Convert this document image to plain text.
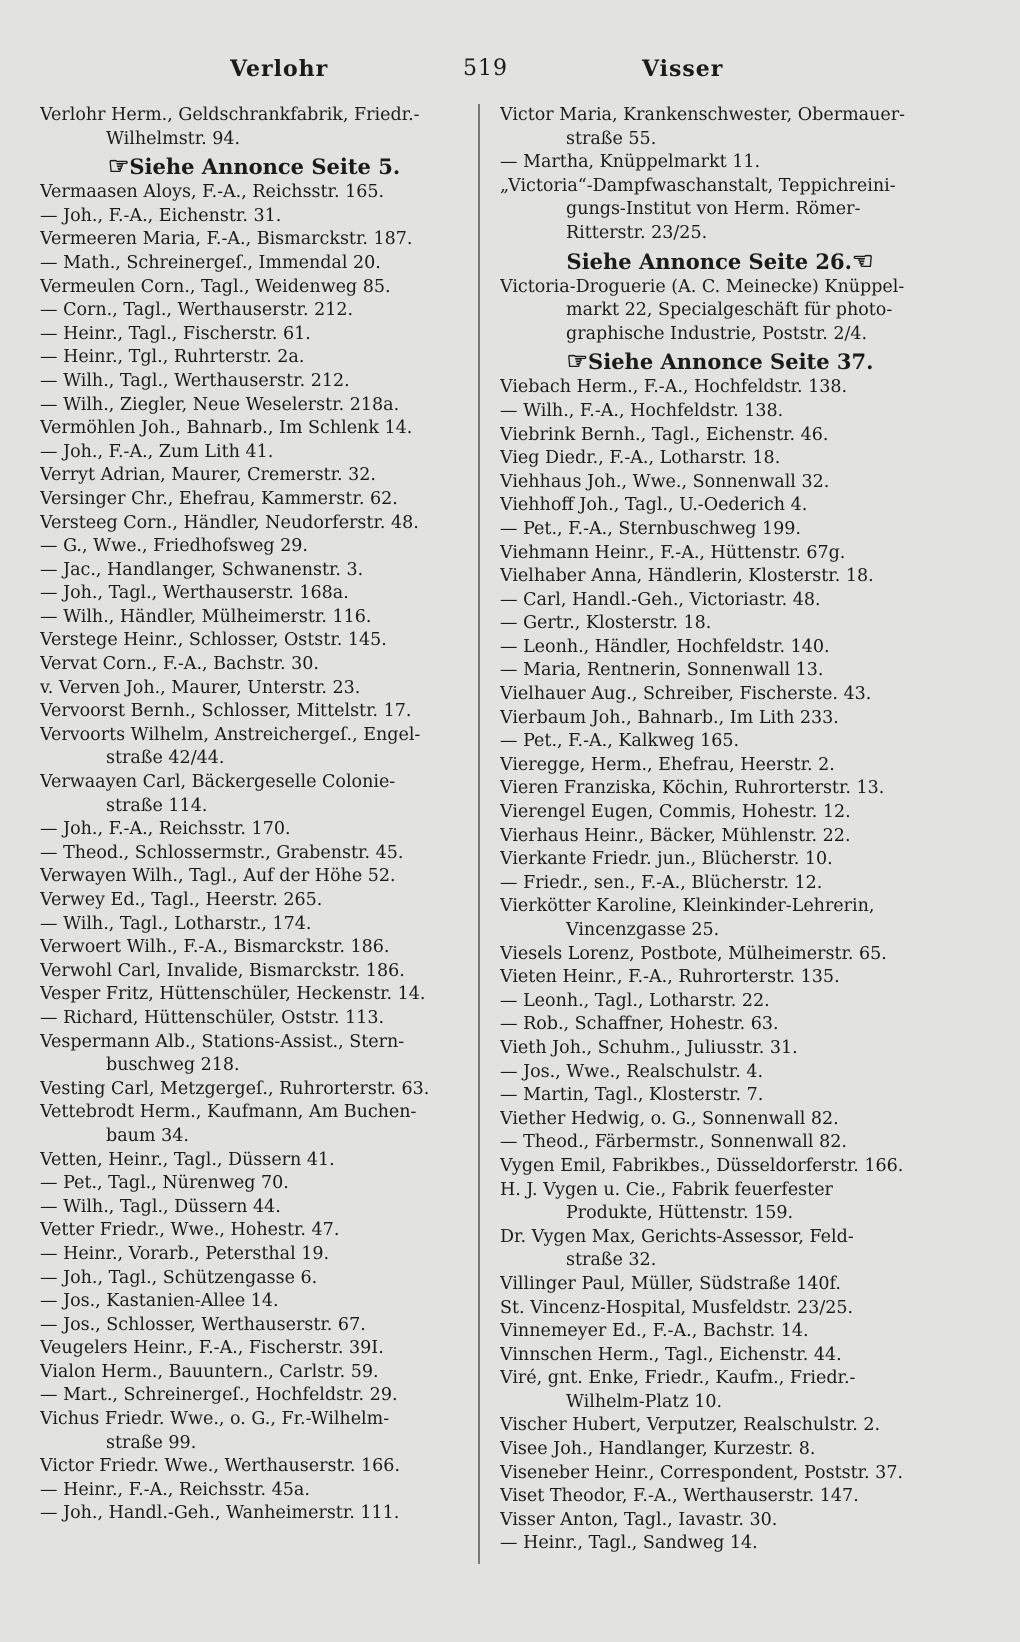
Verlohr	519	Visser
Verlohr Herm., Geldschrankfabrik, Friedr.-
Wilhelmstr. 94.
☞Siehe Annonce Seite 5.
Vermaasen Aloys, F.-A., Reichsstr. 165.
— Joh., F.-A., Eichenstr. 31.
Vermeeren Maria, F.-A., Bismarckstr. 187.
— Math., Schreinergeſ., Immendal 20.
Vermeulen Corn., Tagl., Weidenweg 85.
— Corn., Tagl., Werthauserstr. 212.
— Heinr., Tagl., Fischerstr. 61.
— Heinr., Tgl., Ruhrterstr. 2a.
— Wilh., Tagl., Werthauserstr. 212.
— Wilh., Ziegler, Neue Weselerstr. 218a.
Vermöhlen Joh., Bahnarb., Im Schlenk 14.
— Joh., F.-A., Zum Lith 41.
Verryt Adrian, Maurer, Cremerstr. 32.
Versinger Chr., Ehefrau, Kammerstr. 62.
Versteeg Corn., Händler, Neudorferstr. 48.
— G., Wwe., Friedhofsweg 29.
— Jac., Handlanger, Schwanenstr. 3.
— Joh., Tagl., Werthauserstr. 168a.
— Wilh., Händler, Mülheimerstr. 116.
Verstege Heinr., Schlosser, Oststr. 145.
Vervat Corn., F.-A., Bachstr. 30.
v. Verven Joh., Maurer, Unterstr. 23.
Vervoorst Bernh., Schlosser, Mittelstr. 17.
Vervoorts Wilhelm, Anstreichergeſ., Engel-
straße 42/44.
Verwaayen Carl, Bäckergeselle Colonie-
straße 114.
— Joh., F.-A., Reichsstr. 170.
— Theod., Schlossermstr., Grabenstr. 45.
Verwayen Wilh., Tagl., Auf der Höhe 52.
Verwey Ed., Tagl., Heerstr. 265.
— Wilh., Tagl., Lotharstr., 174.
Verwoert Wilh., F.-A., Bismarckstr. 186.
Verwohl Carl, Invalide, Bismarckstr. 186.
Vesper Fritz, Hüttenschüler, Heckenstr. 14.
— Richard, Hüttenschüler, Oststr. 113.
Vespermann Alb., Stations-Assist., Stern-
buschweg 218.
Vesting Carl, Metzgergeſ., Ruhrorterstr. 63.
Vettebrodt Herm., Kaufmann, Am Buchen-
baum 34.
Vetten, Heinr., Tagl., Düssern 41.
— Pet., Tagl., Nürenweg 70.
— Wilh., Tagl., Düssern 44.
Vetter Friedr., Wwe., Hohestr. 47.
— Heinr., Vorarb., Petersthal 19.
— Joh., Tagl., Schützengasse 6.
— Jos., Kastanien-Allee 14.
— Jos., Schlosser, Werthauserstr. 67.
Veugelers Heinr., F.-A., Fischerstr. 39I.
Vialon Herm., Bauuntern., Carlstr. 59.
— Mart., Schreinergeſ., Hochfeldstr. 29.
Vichus Friedr. Wwe., o. G., Fr.-Wilhelm-
straße 99.
Victor Friedr. Wwe., Werthauserstr. 166.
— Heinr., F.-A., Reichsstr. 45a.
— Joh., Handl.-Geh., Wanheimerstr. 111.
Victor Maria, Krankenschwester, Obermauer-
straße 55.
— Martha, Knüppelmarkt 11.
„Victoria“-Dampfwaschanstalt, Teppichreini-
gungs-Institut von Herm. Römer-
Ritterstr. 23/25.
Siehe Annonce Seite 26.☜
Victoria-Droguerie (A. C. Meinecke) Knüppel-
markt 22, Specialgeschäft für photo-
graphische Industrie, Poststr. 2/4.
☞Siehe Annonce Seite 37.
Viebach Herm., F.-A., Hochfeldstr. 138.
— Wilh., F.-A., Hochfeldstr. 138.
Viebrink Bernh., Tagl., Eichenstr. 46.
Vieg Diedr., F.-A., Lotharstr. 18.
Viehhaus Joh., Wwe., Sonnenwall 32.
Viehhoff Joh., Tagl., U.-Oederich 4.
— Pet., F.-A., Sternbuschweg 199.
Viehmann Heinr., F.-A., Hüttenstr. 67g.
Vielhaber Anna, Händlerin, Klosterstr. 18.
— Carl, Handl.-Geh., Victoriastr. 48.
— Gertr., Klosterstr. 18.
— Leonh., Händler, Hochfeldstr. 140.
— Maria, Rentnerin, Sonnenwall 13.
Vielhauer Aug., Schreiber, Fischerste. 43.
Vierbaum Joh., Bahnarb., Im Lith 233.
— Pet., F.-A., Kalkweg 165.
Vieregge, Herm., Ehefrau, Heerstr. 2.
Vieren Franziska, Köchin, Ruhrorterstr. 13.
Vierengel Eugen, Commis, Hohestr. 12.
Vierhaus Heinr., Bäcker, Mühlenstr. 22.
Vierkante Friedr. jun., Blücherstr. 10.
— Friedr., sen., F.-A., Blücherstr. 12.
Vierkötter Karoline, Kleinkinder-Lehrerin,
Vincenzgasse 25.
Viesels Lorenz, Postbote, Mülheimerstr. 65.
Vieten Heinr., F.-A., Ruhrorterstr. 135.
— Leonh., Tagl., Lotharstr. 22.
— Rob., Schaffner, Hohestr. 63.
Vieth Joh., Schuhm., Juliusstr. 31.
— Jos., Wwe., Realschulstr. 4.
— Martin, Tagl., Klosterstr. 7.
Viether Hedwig, o. G., Sonnenwall 82.
— Theod., Färbermstr., Sonnenwall 82.
Vygen Emil, Fabrikbes., Düsseldorferstr. 166.
H. J. Vygen u. Cie., Fabrik feuerfester
Produkte, Hüttenstr. 159.
Dr. Vygen Max, Gerichts-Assessor, Feld-
straße 32.
Villinger Paul, Müller, Südstraße 140f.
St. Vincenz-Hospital, Musfeldstr. 23/25.
Vinnemeyer Ed., F.-A., Bachstr. 14.
Vinnschen Herm., Tagl., Eichenstr. 44.
Viré, gnt. Enke, Friedr., Kaufm., Friedr.-
Wilhelm-Platz 10.
Vischer Hubert, Verputzer, Realschulstr. 2.
Visee Joh., Handlanger, Kurzestr. 8.
Viseneber Heinr., Correspondent, Poststr. 37.
Viset Theodor, F.-A., Werthauserstr. 147.
Visser Anton, Tagl., Iavastr. 30.
— Heinr., Tagl., Sandweg 14.
